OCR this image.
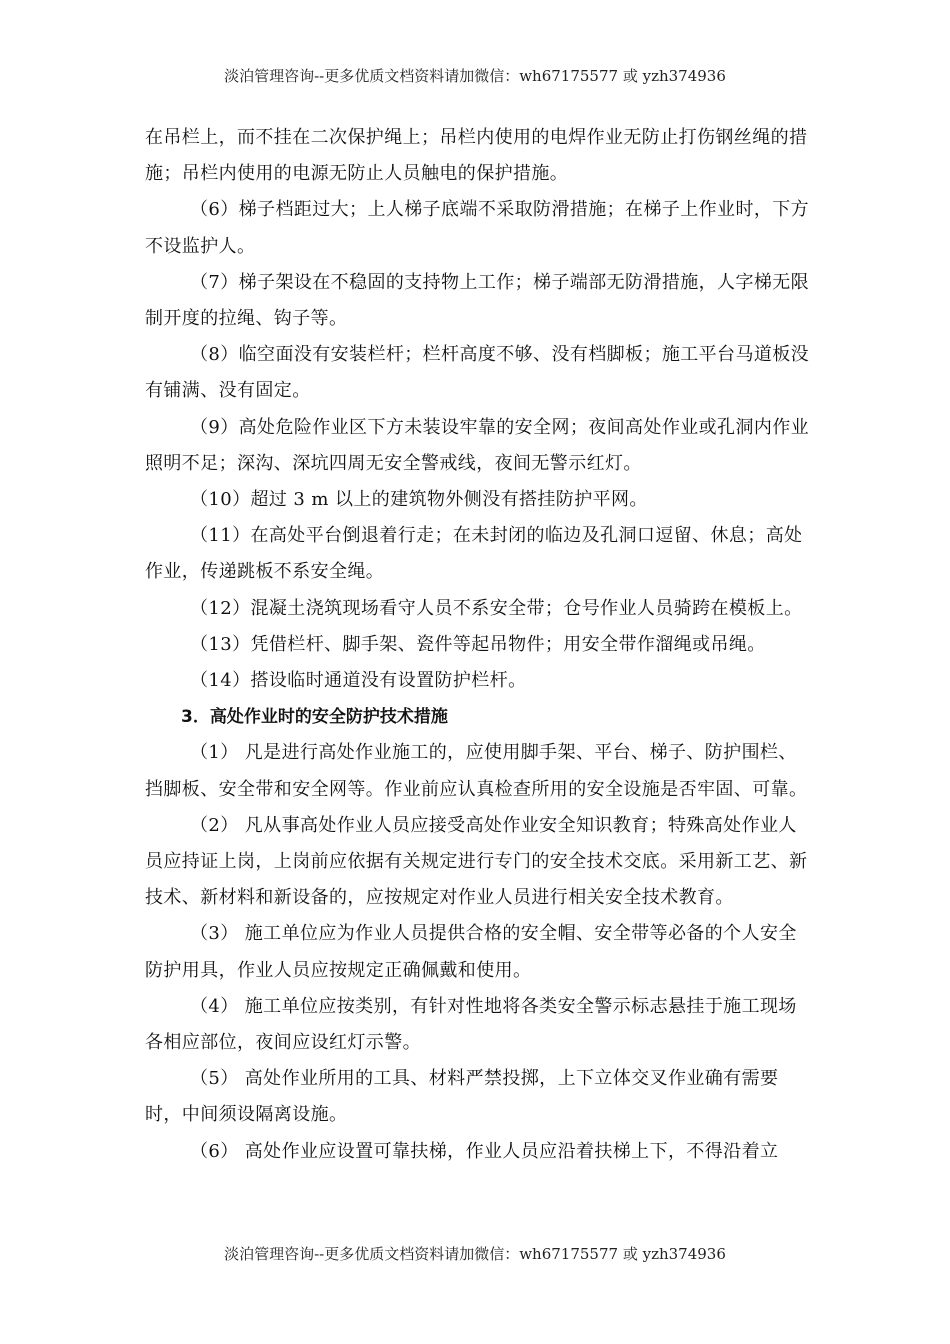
淡泊管理咨询--更多优质文档资料请加微信：wh67175577 或 yzh374936

在吊栏上，而不挂在二次保护绳上；吊栏内使用的电焊作业无防止打伤钢丝绳的措施；吊栏内使用的电源无防止人员触电的保护措施。

（6）梯子档距过大；上人梯子底端不采取防滑措施；在梯子上作业时，下方不设监护人。

（7）梯子架设在不稳固的支持物上工作；梯子端部无防滑措施，人字梯无限制开度的拉绳、钩子等。

（8）临空面没有安装栏杆；栏杆高度不够、没有档脚板；施工平台马道板没有铺满、没有固定。

（9）高处危险作业区下方未装设牢靠的安全网；夜间高处作业或孔洞内作业照明不足；深沟、深坑四周无安全警戒线，夜间无警示红灯。

（10）超过 3 m 以上的建筑物外侧没有搭挂防护平网。

（11）在高处平台倒退着行走；在未封闭的临边及孔洞口逗留、休息；高处作业，传递跳板不系安全绳。

（12）混凝土浇筑现场看守人员不系安全带；仓号作业人员骑跨在模板上。

（13）凭借栏杆、脚手架、瓷件等起吊物件；用安全带作溜绳或吊绳。

（14）搭设临时通道没有设置防护栏杆。

3．高处作业时的安全防护技术措施

（1） 凡是进行高处作业施工的，应使用脚手架、平台、梯子、防护围栏、挡脚板、安全带和安全网等。作业前应认真检查所用的安全设施是否牢固、可靠。

（2） 凡从事高处作业人员应接受高处作业安全知识教育；特殊高处作业人员应持证上岗，上岗前应依据有关规定进行专门的安全技术交底。采用新工艺、新技术、新材料和新设备的，应按规定对作业人员进行相关安全技术教育。

（3） 施工单位应为作业人员提供合格的安全帽、安全带等必备的个人安全防护用具，作业人员应按规定正确佩戴和使用。

（4） 施工单位应按类别，有针对性地将各类安全警示标志悬挂于施工现场各相应部位，夜间应设红灯示警。

（5） 高处作业所用的工具、材料严禁投掷，上下立体交叉作业确有需要时，中间须设隔离设施。

（6） 高处作业应设置可靠扶梯，作业人员应沿着扶梯上下，不得沿着立

淡泊管理咨询--更多优质文档资料请加微信：wh67175577 或 yzh374936
